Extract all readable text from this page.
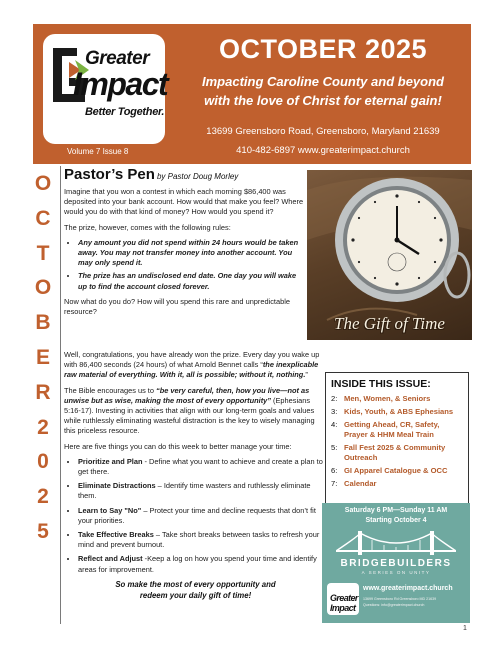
Greater
Impact
Better Together.
Volume 7 Issue 8
OCTOBER 2025
Impacting Caroline County and beyond
with the love of Christ for eternal gain!
13699 Greensboro Road, Greensboro, Maryland 21639
410-482-6897 www.greaterimpact.church
O
C
T
O
B
E
R
2
0
2
5
Pastor’s Pen by Pastor Doug Morley

Imagine that you won a contest in which each morning $86,400 was deposited into your bank account. How would that make you feel? Where would you do with that kind of money? How would you spend it?

The prize, however, comes with the following rules:

• Any amount you did not spend within 24 hours would be taken away. You may not transfer money into another account. You may only spend it.
• The prize has an undisclosed end date. One day you will wake up to find the account closed forever.

Now what do you do? How will you spend this rare and unpredictable resource?

Well, congratulations, you have already won the prize. Every day you wake up with 86,400 seconds (24 hours) of what Arnold Bennet calls “the inexplicable raw material of everything. With it, all is possible; without it, nothing.”

The Bible encourages us to “be very careful, then, how you live—not as unwise but as wise, making the most of every opportunity” (Ephesians 5:16-17). Investing in activities that align with our long-term goals and values while ruthlessly eliminating wasteful distraction is the key to wisely managing this priceless resource.

Here are five things you can do this week to better manage your time:

• Prioritize and Plan - Define what you want to achieve and create a plan to get there.
• Eliminate Distractions – Identify time wasters and ruthlessly eliminate them.
• Learn to Say "No" – Protect your time and decline requests that don’t fit your priorities.
• Take Effective Breaks – Take short breaks between tasks to refresh your mind and prevent burnout.
• Reflect and Adjust -Keep a log on how you spend your time and identify areas for improvement.
So make the most of every opportunity and
redeem your daily gift of time!
The Gift of Time
INSIDE THIS ISSUE:
2: Men, Women, & Seniors
3: Kids, Youth, & ABS Ephesians
4: Getting Ahead, CR, Safety, Prayer & HHM Meal Train
5: Fall Fest 2025 & Community Outreach
6: GI Apparel Catalogue & OCC
7: Calendar
Saturday 6 PM—Sunday 11 AM
Starting October 4
BRIDGEBUILDERS
A SERIES ON UNITY
Greater Impact
www.greaterimpact.church
13699 Greensboro Rd Greensboro MD 21639
Questions: info@greaterimpact.church
1
